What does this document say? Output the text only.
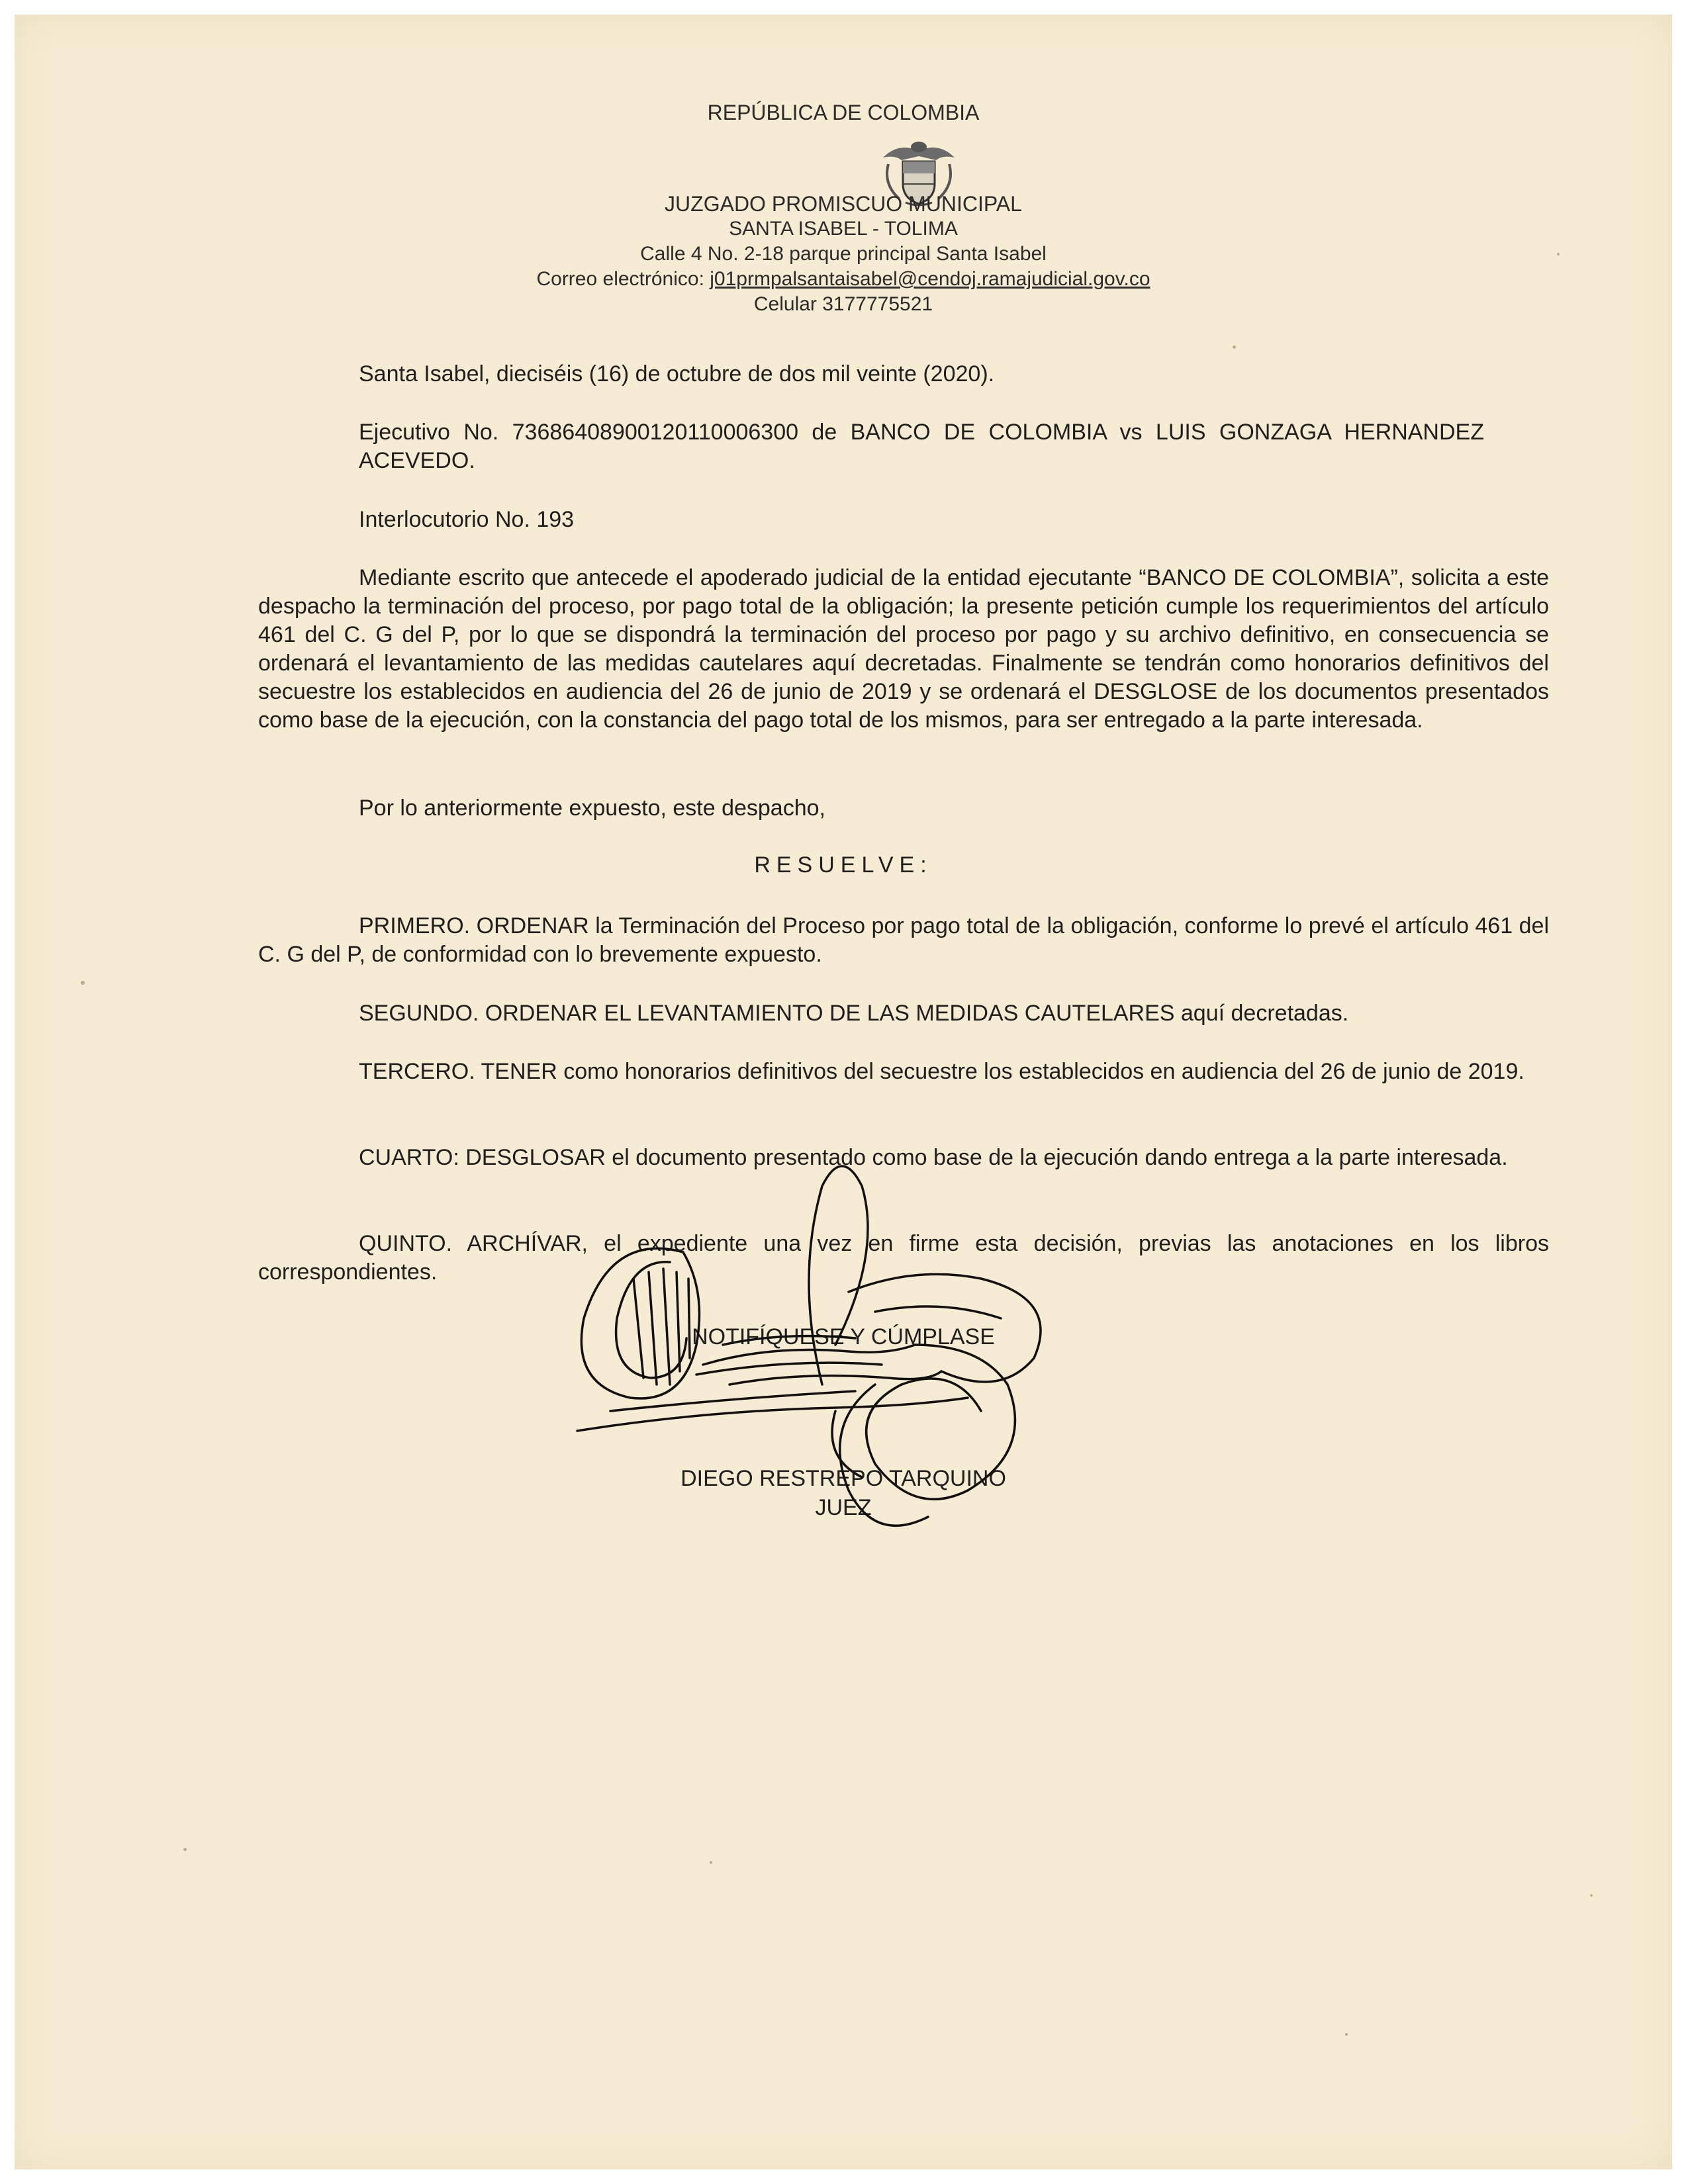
REPÚBLICA DE COLOMBIA
JUZGADO PROMISCUO MUNICIPAL
SANTA ISABEL - TOLIMA
Calle 4 No. 2-18 parque principal Santa Isabel
Correo electrónico: j01prmpalsantaisabel@cendoj.ramajudicial.gov.co
Celular 3177775521
Santa Isabel, dieciséis (16) de octubre de dos mil veinte (2020).
Ejecutivo No. 73686408900120110006300 de BANCO DE COLOMBIA vs LUIS GONZAGA HERNANDEZ ACEVEDO.
Interlocutorio No. 193
Mediante escrito que antecede el apoderado judicial de la entidad ejecutante “BANCO DE COLOMBIA”, solicita a este despacho la terminación del proceso, por pago total de la obligación; la presente petición cumple los requerimientos del artículo 461 del C. G del P, por lo que se dispondrá la terminación del proceso por pago y su archivo definitivo, en consecuencia se ordenará el levantamiento de las medidas cautelares aquí decretadas. Finalmente se tendrán como honorarios definitivos del secuestre los establecidos en audiencia del 26 de junio de 2019 y se ordenará el DESGLOSE de los documentos presentados como base de la ejecución, con la constancia del pago total de los mismos, para ser entregado a la parte interesada.
Por lo anteriormente expuesto, este despacho,
RESUELVE:
PRIMERO. ORDENAR la Terminación del Proceso por pago total de la obligación, conforme lo prevé el artículo 461 del C. G del P, de conformidad con lo brevemente expuesto.
SEGUNDO. ORDENAR EL LEVANTAMIENTO DE LAS MEDIDAS CAUTELARES aquí decretadas.
TERCERO. TENER como honorarios definitivos del secuestre los establecidos en audiencia del 26 de junio de 2019.
CUARTO: DESGLOSAR el documento presentado como base de la ejecución dando entrega a la parte interesada.
QUINTO. ARCHÍVAR, el expediente una vez en firme esta decisión, previas las anotaciones en los libros correspondientes.
NOTIFÍQUESE Y CÚMPLASE
DIEGO RESTREPO TARQUINO
JUEZ
